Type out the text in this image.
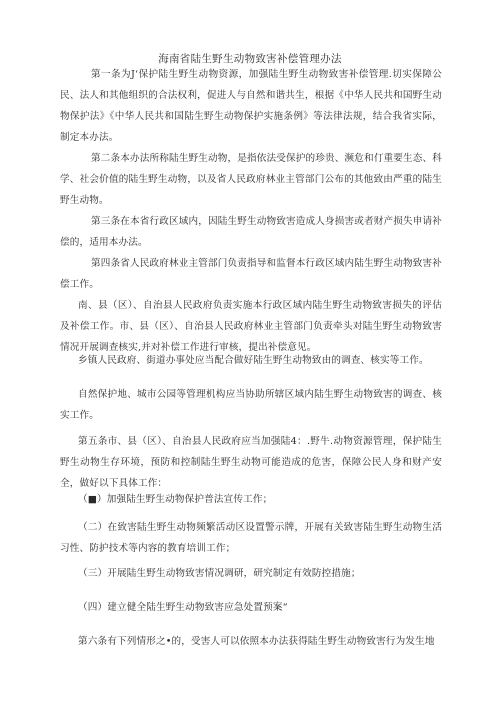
海南省陆生野生动物致害补偿管理办法

第一条为J‘保护陆生野生动物资源，加强陆生野生动物致害补偿管理.切实保障公民、法人和其他组织的合法权利，促进人与自然和谐共生，根据《中华人民共和国野生动物保护法》《中华人民共和国陆生野生动物保护实施条例》等法律法规，结合我省实际，制定本办法。

第二条本办法所称陆生野生动物，是指依法受保护的珍贵、濒危和仃重要生态、科学、社会价值的陆生野生动物，以及省人民政府林业主管部门公布的其他致由严重的陆生野生动物。

第三条在本省行政区域内，因陆生野生动物致害造成人身损害或者财产损失申请补偿的，适用本办法。

第四条省人民政府林业主管部门负责指导和监督本行政区域内陆生野生动物致害补偿工作。

南、县（区）、自治县人民政府负责实施本行政区域内陆生野生动物致害损失的评估及补偿工作。市、县（区）、自治县人民政府林业主管部门负责牵头对陆生野生动物致害情况开展调查核实,并对补偿工作进行审核，提出补偿意见。

乡镇人民政府、街道办事处应当配合做好陆生野生动物致由的调查、核实等工作。

自然保护地、城市公园等管理机构应当协助所辖区域内陆生野生动物致害的调查、核实工作。

第五条市、县（区）、自治县人民政府应当加强陆4：.野牛.动物资源管理，保护陆生野生动物生存环境，预防和控制陆生野生动物可能造成的危害，保障公民人身和财产安全，做好以下具体工作：

（■）加强陆生野生动物保护普法宣传工作；

（二）在致害陆生野生动物频繁活动区设置警示牌，开展有关致害陆生野生动物生活习性、防护技术等内容的教育培训工作；

（三）开展陆生野生动物致害情况调研，研究制定有效防控措施；

（四）建立健全陆生野生动物致害应急处置预案“

第六条有下列情形之•的，受害人可以依照本办法获得陆生野生动物致害行为发生地
